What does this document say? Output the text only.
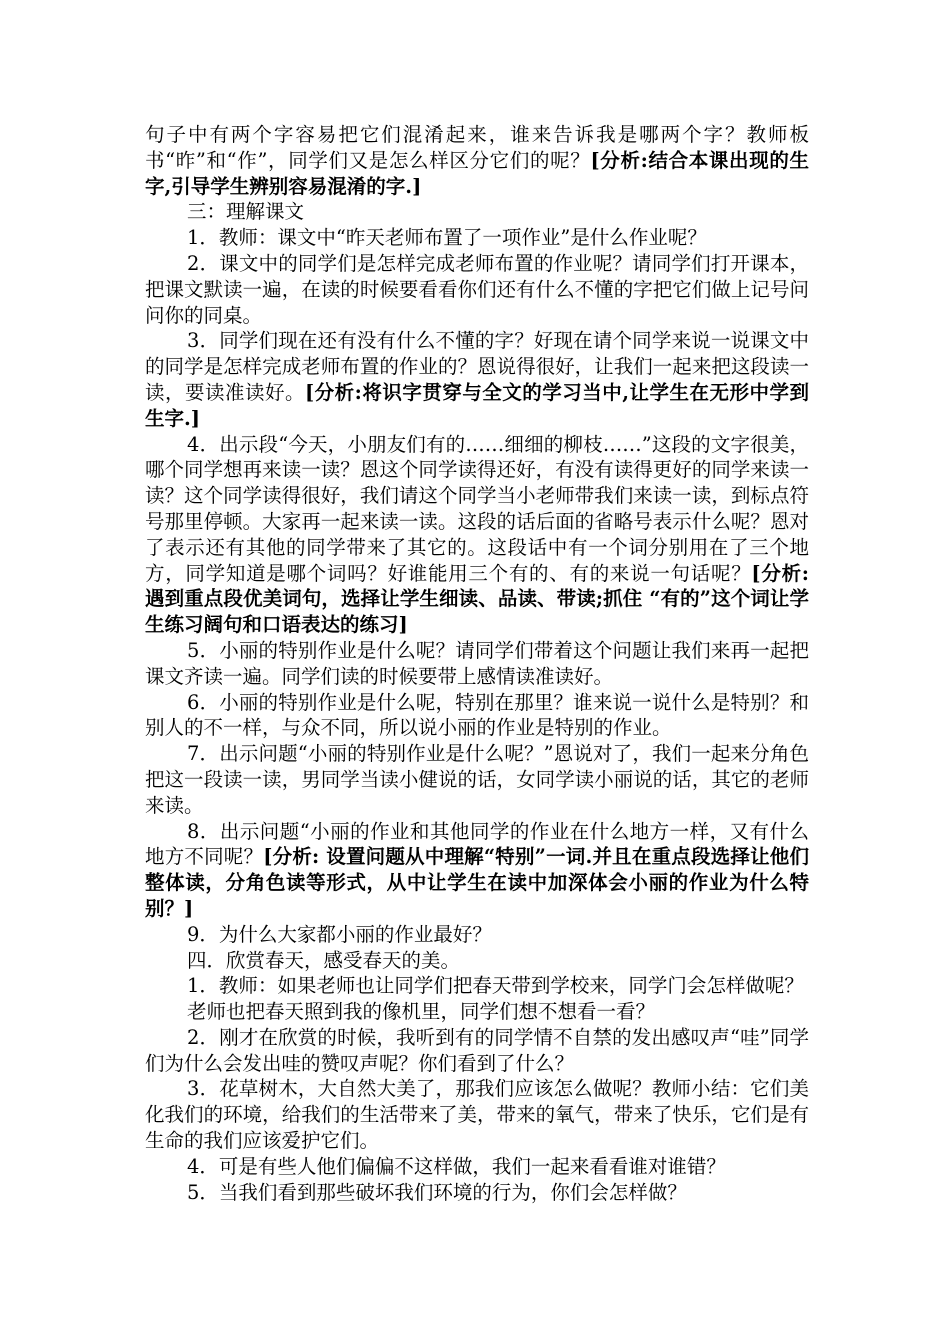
句子中有两个字容易把它们混淆起来，谁来告诉我是哪两个字？教师板书“昨”和“作”，同学们又是怎么样区分它们的呢？[分析:结合本课出现的生字,引导学生辨别容易混淆的字.]

三：理解课文

1．教师：课文中“昨天老师布置了一项作业”是什么作业呢？

2．课文中的同学们是怎样完成老师布置的作业呢？请同学们打开课本，把课文默读一遍，在读的时候要看看你们还有什么不懂的字把它们做上记号问问你的同桌。

3．同学们现在还有没有什么不懂的字？好现在请个同学来说一说课文中的同学是怎样完成老师布置的作业的？恩说得很好，让我们一起来把这段读一读，要读准读好。[分析:将识字贯穿与全文的学习当中,让学生在无形中学到生字.]

4．出示段“今天，小朋友们有的……细细的柳枝……”这段的文字很美，哪个同学想再来读一读？恩这个同学读得还好，有没有读得更好的同学来读一读？这个同学读得很好，我们请这个同学当小老师带我们来读一读，到标点符号那里停顿。大家再一起来读一读。这段的话后面的省略号表示什么呢？恩对了表示还有其他的同学带来了其它的。这段话中有一个词分别用在了三个地方，同学知道是哪个词吗？好谁能用三个有的、有的来说一句话呢？[分析: 遇到重点段优美词句，选择让学生细读、品读、带读;抓住 “有的”这个词让学生练习阔句和口语表达的练习]

5．小丽的特别作业是什么呢？请同学们带着这个问题让我们来再一起把课文齐读一遍。同学们读的时候要带上感情读准读好。

6．小丽的特别作业是什么呢，特别在那里？谁来说一说什么是特别？和别人的不一样，与众不同，所以说小丽的作业是特别的作业。

7．出示问题“小丽的特别作业是什么呢？”恩说对了，我们一起来分角色把这一段读一读，男同学当读小健说的话，女同学读小丽说的话，其它的老师来读。

8．出示问题“小丽的作业和其他同学的作业在什么地方一样，又有什么地方不同呢？[分析: 设置问题从中理解“特别”一词.并且在重点段选择让他们整体读，分角色读等形式，从中让学生在读中加深体会小丽的作业为什么特别？]

9．为什么大家都小丽的作业最好？

四．欣赏春天，感受春天的美。

1．教师：如果老师也让同学们把春天带到学校来，同学门会怎样做呢？

老师也把春天照到我的像机里，同学们想不想看一看？

2．刚才在欣赏的时候，我听到有的同学情不自禁的发出感叹声“哇”同学们为什么会发出哇的赞叹声呢？你们看到了什么？

3．花草树木，大自然大美了，那我们应该怎么做呢？教师小结：它们美化我们的环境，给我们的生活带来了美，带来的氧气，带来了快乐，它们是有生命的我们应该爱护它们。

4．可是有些人他们偏偏不这样做，我们一起来看看谁对谁错？

5．当我们看到那些破坏我们环境的行为，你们会怎样做？
